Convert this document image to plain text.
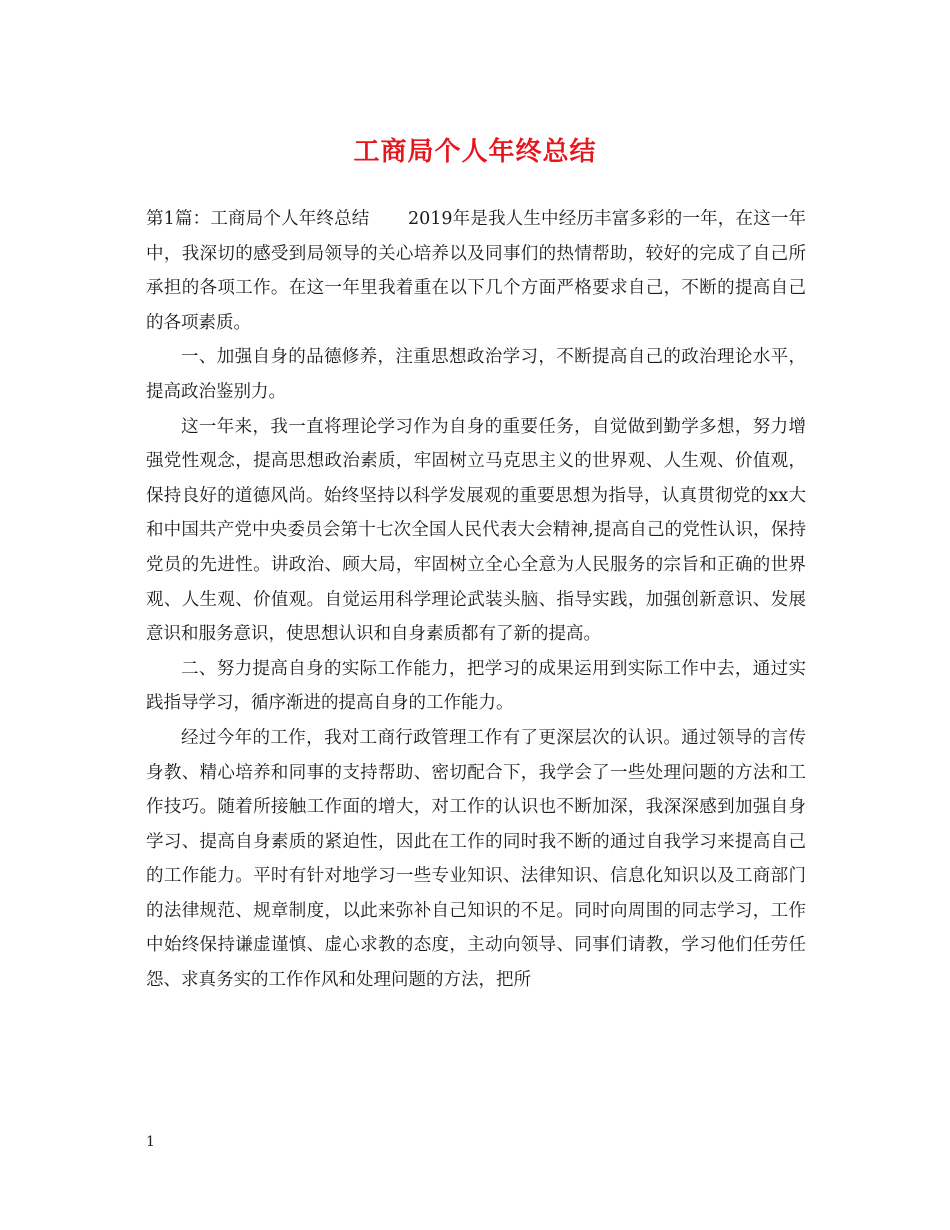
工商局个人年终总结

第1篇：工商局个人年终总结 2019年是我人生中经历丰富多彩的一年，在这一年中，我深切的感受到局领导的关心培养以及同事们的热情帮助，较好的完成了自己所承担的各项工作。在这一年里我着重在以下几个方面严格要求自己，不断的提高自己的各项素质。

一、加强自身的品德修养，注重思想政治学习，不断提高自己的政治理论水平，提高政治鉴别力。

这一年来，我一直将理论学习作为自身的重要任务，自觉做到勤学多想，努力增强党性观念，提高思想政治素质，牢固树立马克思主义的世界观、人生观、价值观，保持良好的道德风尚。始终坚持以科学发展观的重要思想为指导，认真贯彻党的xx大和中国共产党中央委员会第十七次全国人民代表大会精神,提高自己的党性认识，保持党员的先进性。讲政治、顾大局，牢固树立全心全意为人民服务的宗旨和正确的世界观、人生观、价值观。自觉运用科学理论武装头脑、指导实践，加强创新意识、发展意识和服务意识，使思想认识和自身素质都有了新的提高。

二、努力提高自身的实际工作能力，把学习的成果运用到实际工作中去，通过实践指导学习，循序渐进的提高自身的工作能力。

经过今年的工作，我对工商行政管理工作有了更深层次的认识。通过领导的言传身教、精心培养和同事的支持帮助、密切配合下，我学会了一些处理问题的方法和工作技巧。随着所接触工作面的增大，对工作的认识也不断加深，我深深感到加强自身学习、提高自身素质的紧迫性，因此在工作的同时我不断的通过自我学习来提高自己的工作能力。平时有针对地学习一些专业知识、法律知识、信息化知识以及工商部门的法律规范、规章制度，以此来弥补自己知识的不足。同时向周围的同志学习，工作中始终保持谦虚谨慎、虚心求教的态度，主动向领导、同事们请教，学习他们任劳任怨、求真务实的工作作风和处理问题的方法，把所

1
